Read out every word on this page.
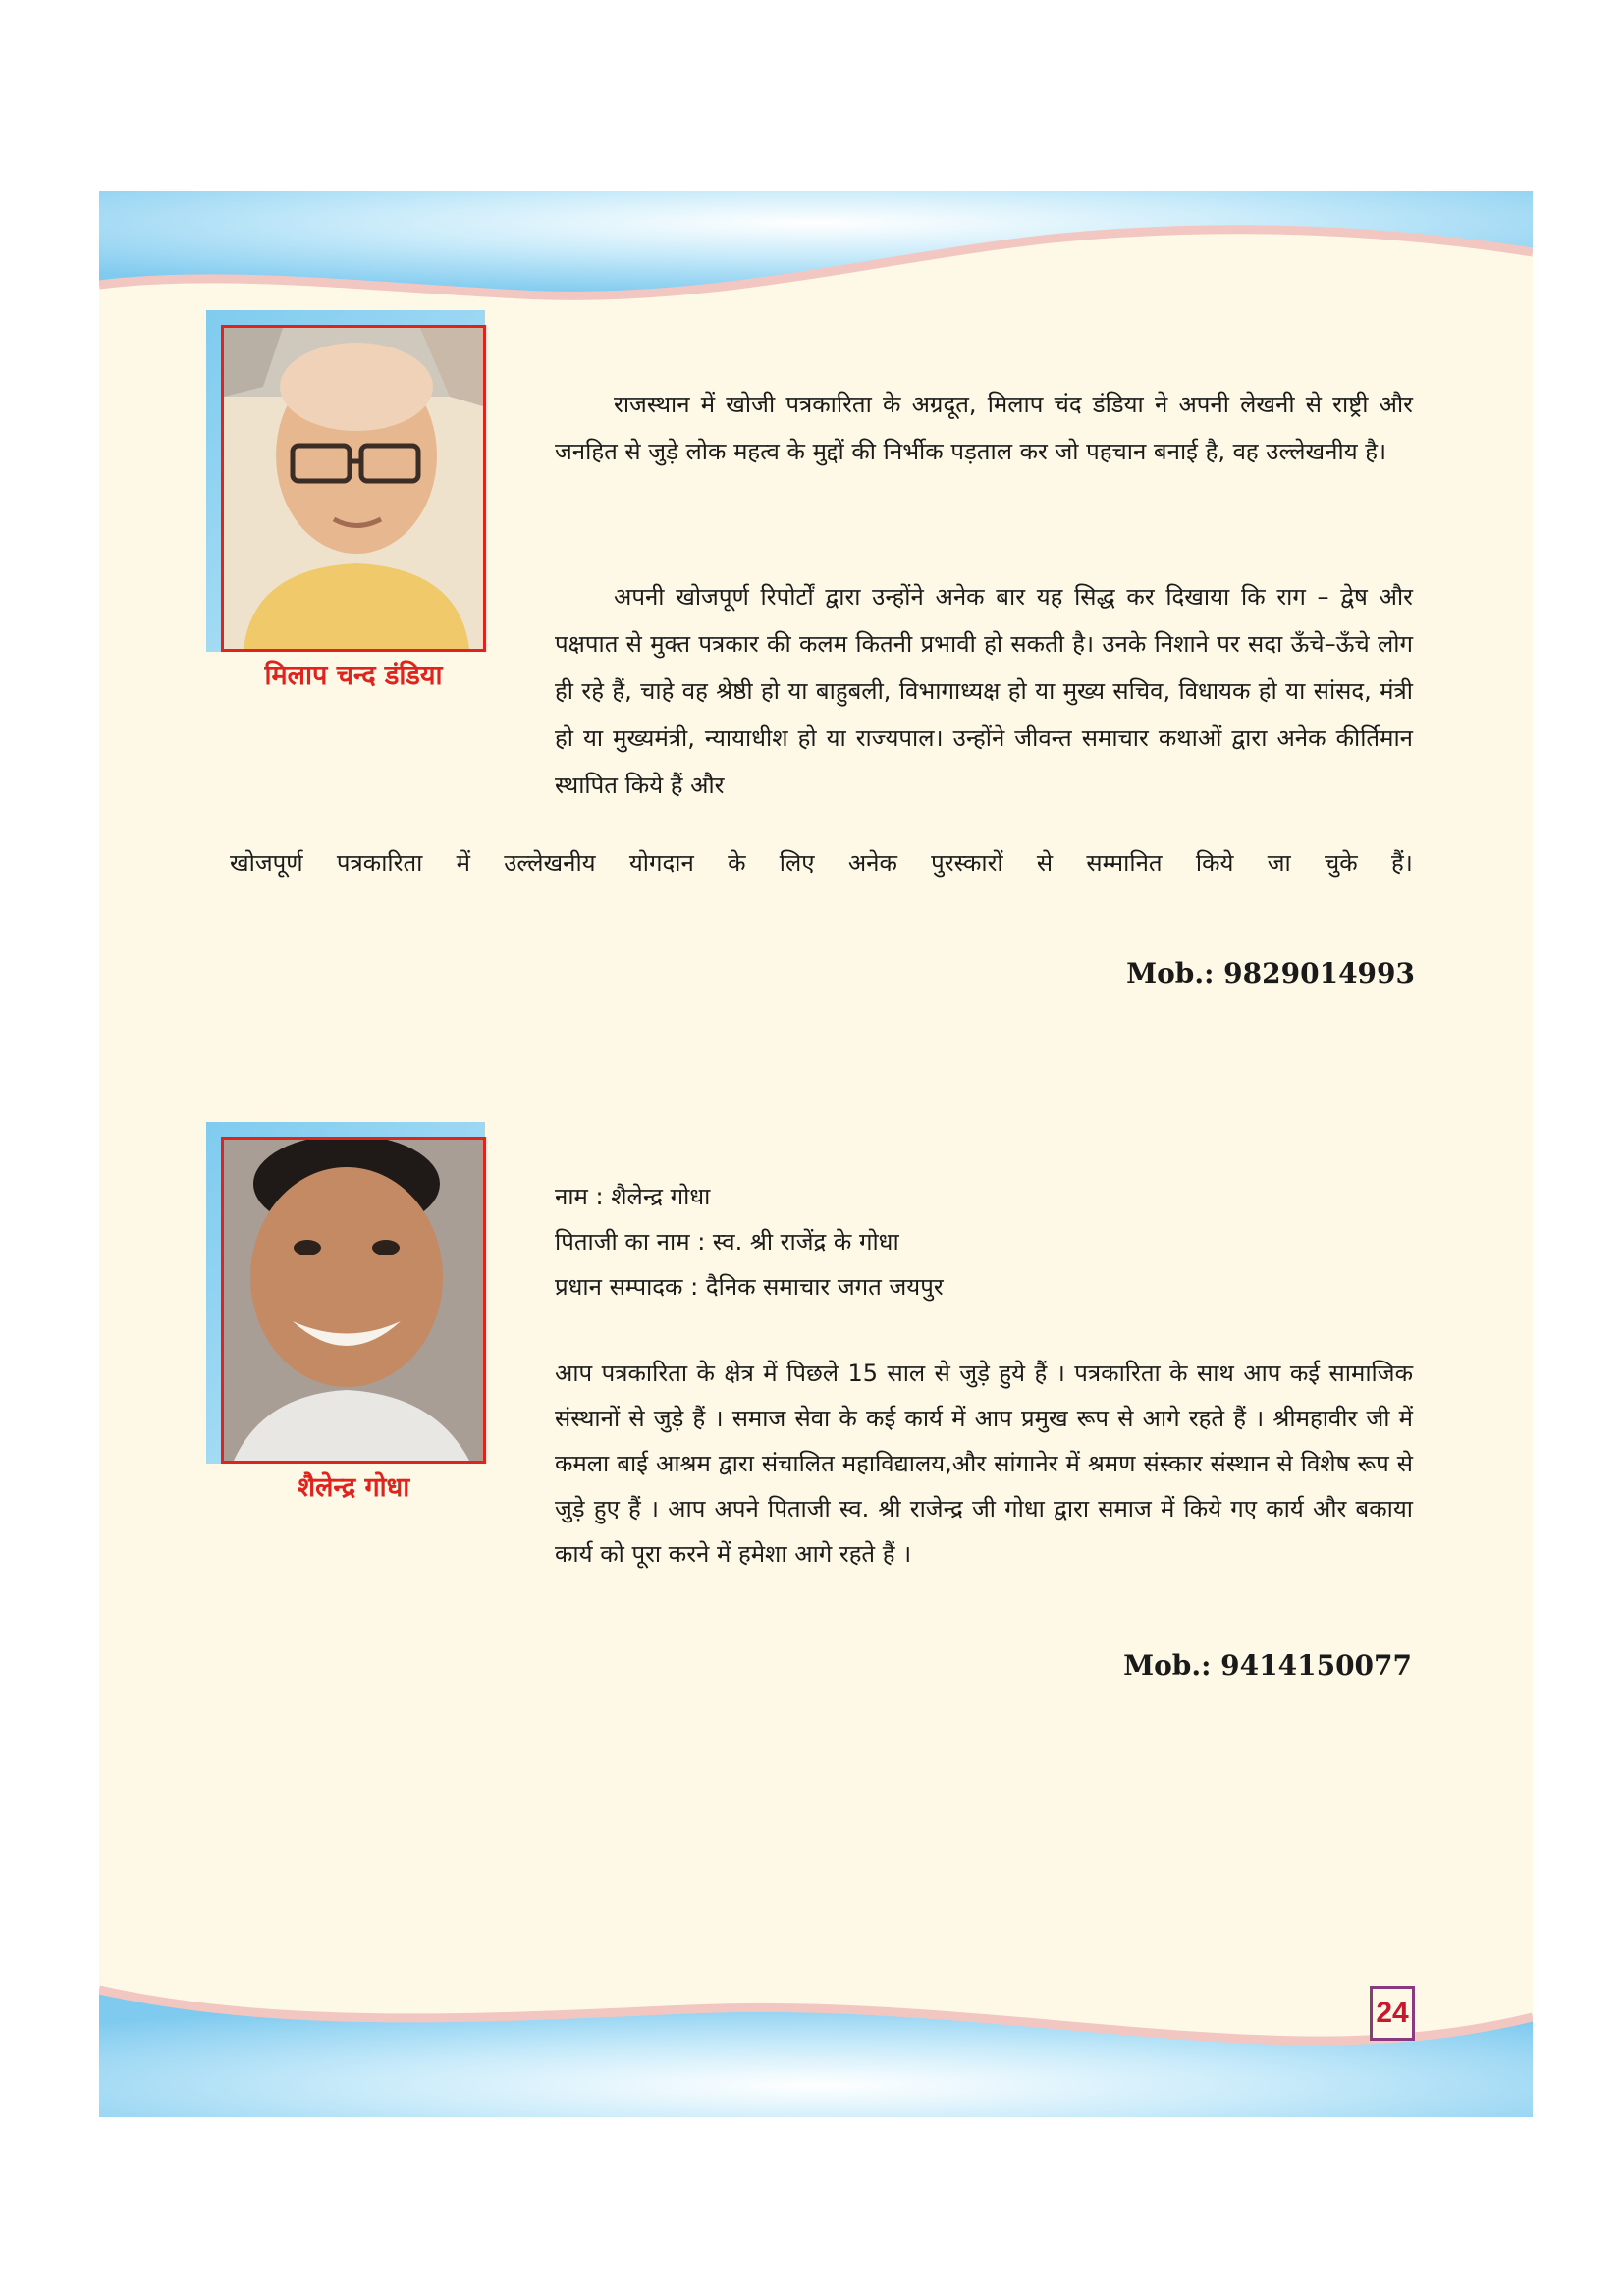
मिलाप चन्द डंडिया

राजस्थान में खोजी पत्रकारिता के अग्रदूत, मिलाप चंद डंडिया ने अपनी लेखनी से राष्ट्री और जनहित से जुड़े लोक महत्व के मुद्दों की निर्भीक पड़ताल कर जो पहचान बनाई है, वह उल्लेखनीय है।

अपनी खोजपूर्ण रिपोर्टों द्वारा उन्होंने अनेक बार यह सिद्ध कर दिखाया कि राग – द्वेष और पक्षपात से मुक्त पत्रकार की कलम कितनी प्रभावी हो सकती है। उनके निशाने पर सदा ऊँचे–ऊँचे लोग ही रहे हैं, चाहे वह श्रेष्ठी हो या बाहुबली, विभागाध्यक्ष हो या मुख्य सचिव, विधायक हो या सांसद, मंत्री हो या मुख्यमंत्री, न्यायाधीश हो या राज्यपाल। उन्होंने जीवन्त समाचार कथाओं द्वारा अनेक कीर्तिमान स्थापित किये हैं और

खोजपूर्ण पत्रकारिता में उल्लेखनीय योगदान के लिए अनेक पुरस्कारों से सम्मानित किये जा चुके हैं।
Mob.: 9829014993
शैलेन्द्र गोधा
नाम : शैलेन्द्र गोधा
पिताजी का नाम : स्व. श्री राजेंद्र के गोधा
प्रधान सम्पादक : दैनिक समाचार जगत जयपुर

आप पत्रकारिता के क्षेत्र में पिछले 15 साल से जुड़े हुये हैं । पत्रकारिता के साथ आप कई सामाजिक संस्थानों से जुड़े हैं । समाज सेवा के कई कार्य में आप प्रमुख रूप से आगे रहते हैं । श्रीमहावीर जी में कमला बाई आश्रम द्वारा संचालित महाविद्यालय,और सांगानेर में श्रमण संस्कार संस्थान से विशेष रूप से जुड़े हुए हैं । आप अपने पिताजी स्व. श्री राजेन्द्र जी गोधा द्वारा समाज में किये गए कार्य और बकाया कार्य को पूरा करने में हमेशा आगे रहते हैं ।

Mob.: 9414150077
24
